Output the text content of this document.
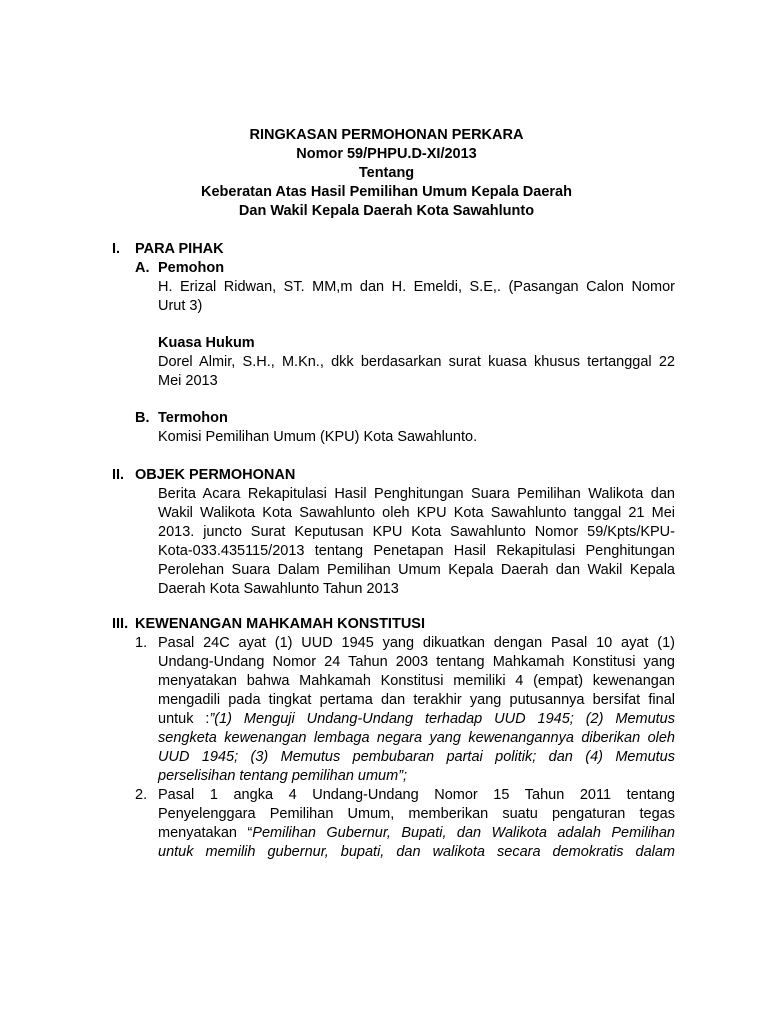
RINGKASAN PERMOHONAN PERKARA
Nomor 59/PHPU.D-XI/2013
Tentang
Keberatan Atas Hasil Pemilihan Umum Kepala Daerah
Dan Wakil Kepala Daerah Kota Sawahlunto
I. PARA PIHAK
A. Pemohon
H. Erizal Ridwan, ST. MM,m dan H. Emeldi, S.E,. (Pasangan Calon Nomor
Urut 3)
Kuasa Hukum
Dorel Almir, S.H., M.Kn., dkk berdasarkan surat kuasa khusus tertanggal 22
Mei 2013
B. Termohon
Komisi Pemilihan Umum (KPU) Kota Sawahlunto.
II. OBJEK PERMOHONAN
Berita Acara Rekapitulasi Hasil Penghitungan Suara Pemilihan Walikota dan
Wakil Walikota Kota Sawahlunto oleh KPU Kota Sawahlunto tanggal 21 Mei
2013. juncto Surat Keputusan KPU Kota Sawahlunto Nomor 59/Kpts/KPU-
Kota-033.435115/2013 tentang Penetapan Hasil Rekapitulasi Penghitungan
Perolehan Suara Dalam Pemilihan Umum Kepala Daerah dan Wakil Kepala
Daerah Kota Sawahlunto Tahun 2013
III. KEWENANGAN MAHKAMAH KONSTITUSI
1. Pasal 24C ayat (1) UUD 1945 yang dikuatkan dengan Pasal 10 ayat (1)
Undang-Undang Nomor 24 Tahun 2003 tentang Mahkamah Konstitusi yang
menyatakan bahwa Mahkamah Konstitusi memiliki 4 (empat) kewenangan
mengadili pada tingkat pertama dan terakhir yang putusannya bersifat final
untuk :”(1) Menguji Undang-Undang terhadap UUD 1945; (2) Memutus
sengketa kewenangan lembaga negara yang kewenangannya diberikan oleh
UUD 1945; (3) Memutus pembubaran partai politik; dan (4) Memutus
perselisihan tentang pemilihan umum”;
2. Pasal 1 angka 4 Undang-Undang Nomor 15 Tahun 2011 tentang
Penyelenggara Pemilihan Umum, memberikan suatu pengaturan tegas
menyatakan “Pemilihan Gubernur, Bupati, dan Walikota adalah Pemilihan
untuk memilih gubernur, bupati, dan walikota secara demokratis dalam
